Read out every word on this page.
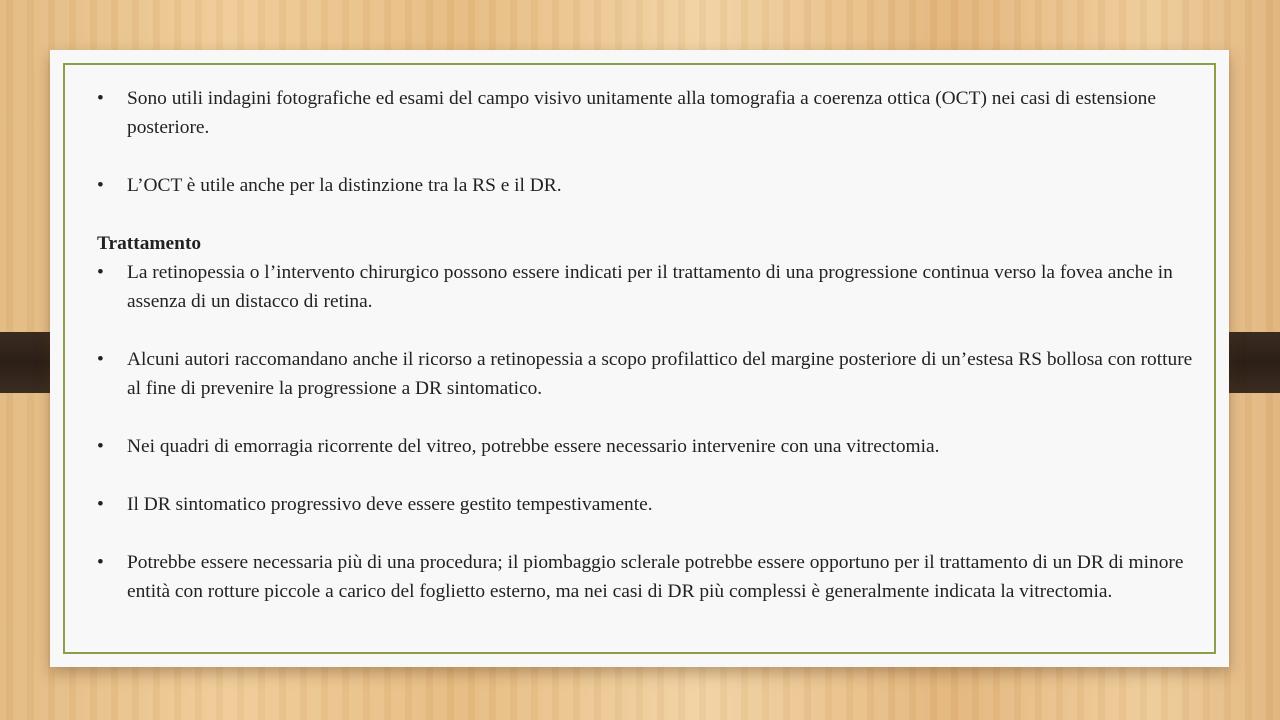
• Sono utili indagini fotografiche ed esami del campo visivo unitamente alla tomografia a coerenza ottica (OCT) nei casi di estensione posteriore.
• L’OCT è utile anche per la distinzione tra la RS e il DR.
Trattamento
• La retinopessia o l’intervento chirurgico possono essere indicati per il trattamento di una progressione continua verso la fovea anche in assenza di un distacco di retina.
• Alcuni autori raccomandano anche il ricorso a retinopessia a scopo profilattico del margine posteriore di un’estesa RS bollosa con rotture al fine di prevenire la progressione a DR sintomatico.
• Nei quadri di emorragia ricorrente del vitreo, potrebbe essere necessario intervenire con una vitrectomia.
• Il DR sintomatico progressivo deve essere gestito tempestivamente.
• Potrebbe essere necessaria più di una procedura; il piombaggio sclerale potrebbe essere opportuno per il trattamento di un DR di minore entità con rotture piccole a carico del foglietto esterno, ma nei casi di DR più complessi è generalmente indicata la vitrectomia.
